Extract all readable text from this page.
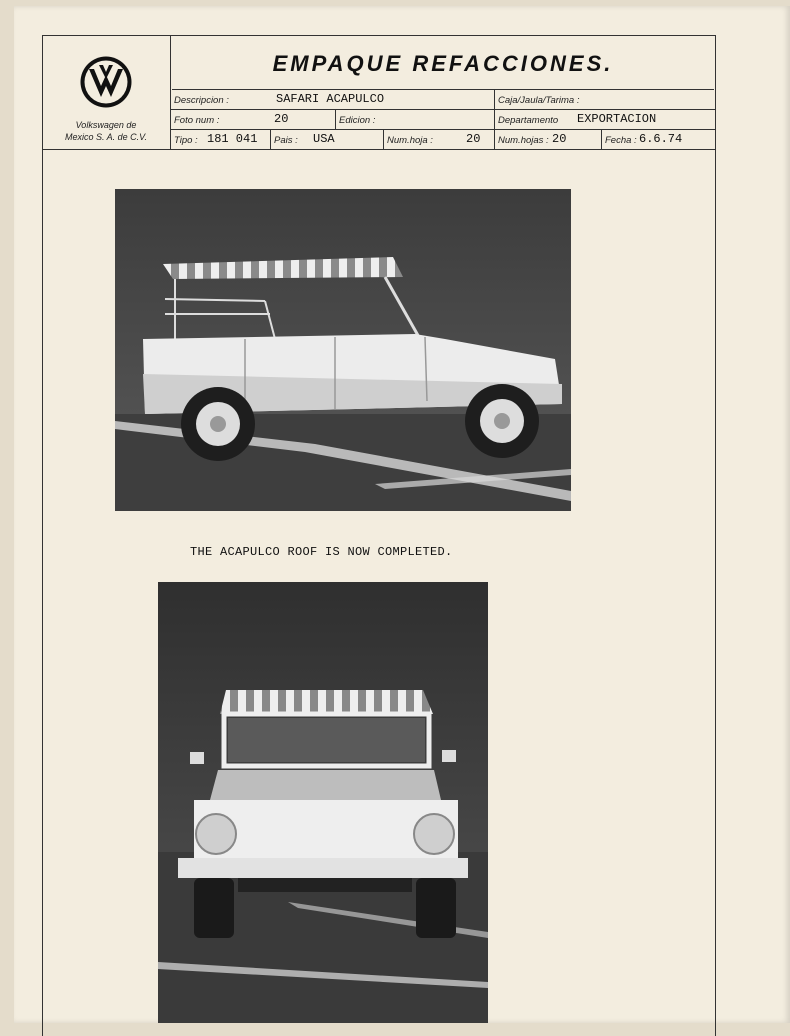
Volkswagen de
Mexico S. A. de C.V.
EMPAQUE REFACCIONES.
Descripcion :	SAFARI ACAPULCO	Caja/Jaula/Tarima :
Foto num :	20	Edicion :	Departamento EXPORTACION
Tipo : 181 041 Pais : USA	Num.hoja :	20 Num.hojas : 20	Fecha : 6.6.74
THE ACAPULCO ROOF IS NOW COMPLETED.
